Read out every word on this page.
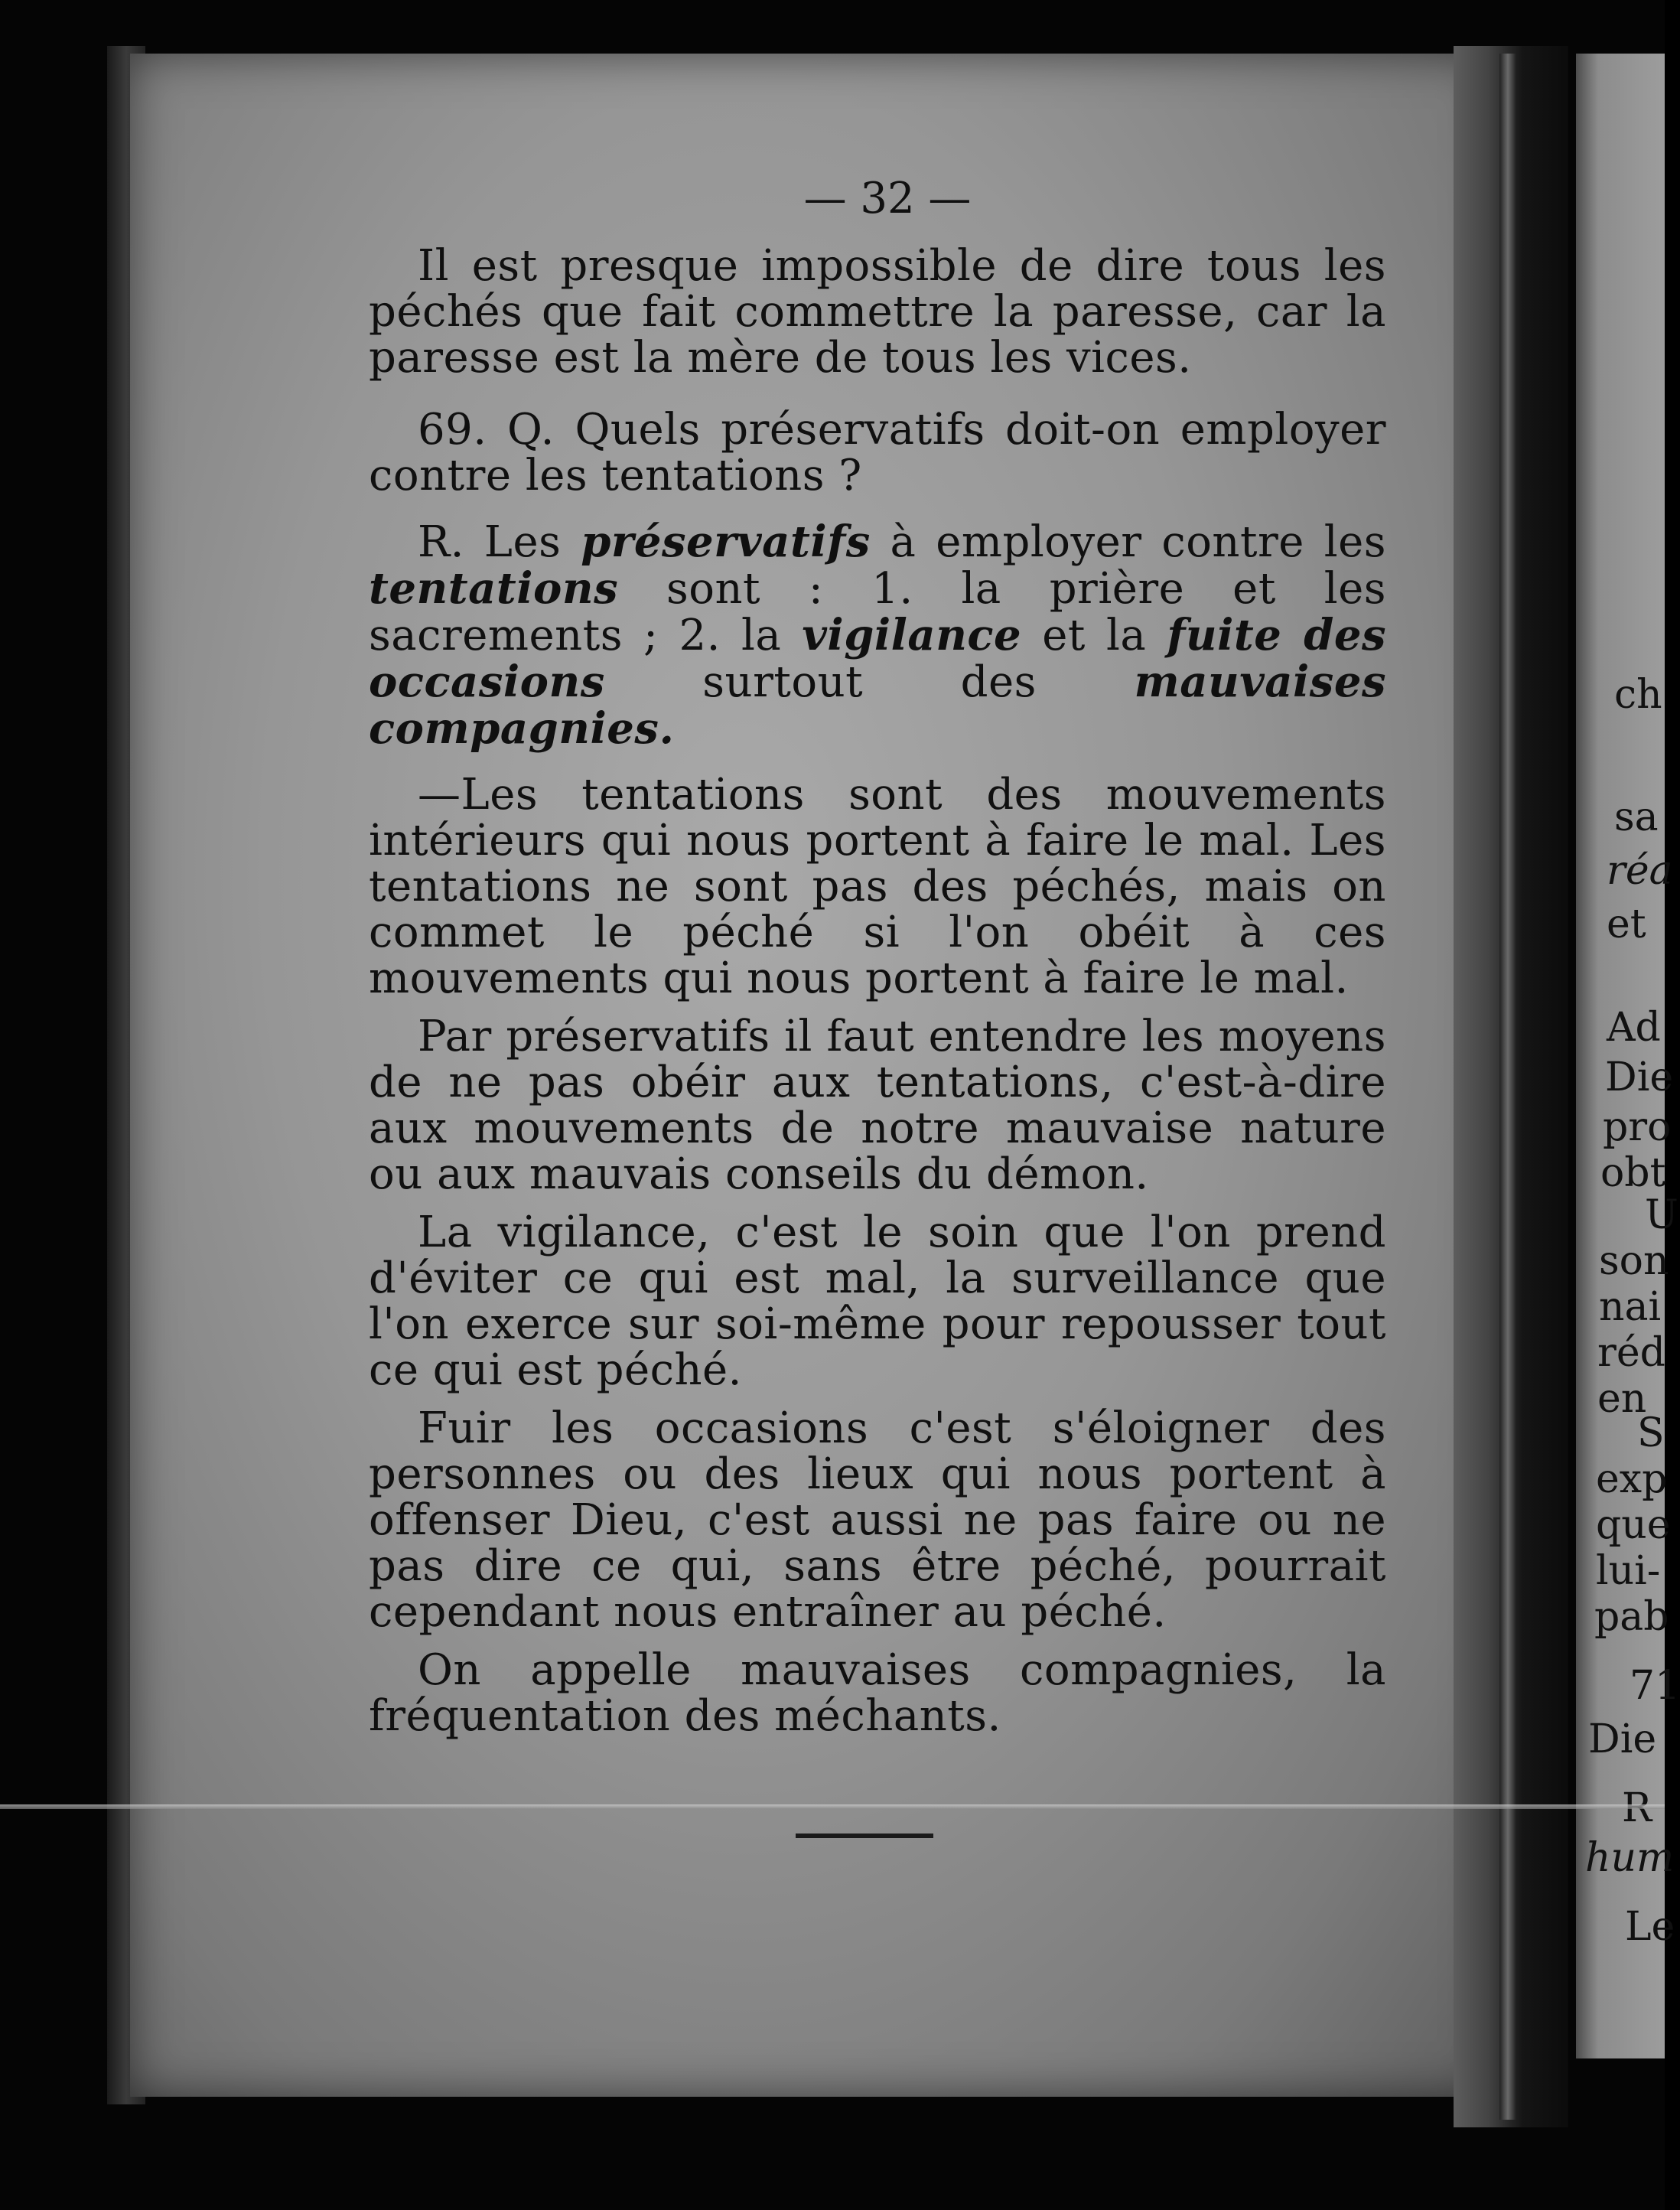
— 32 —

Il est presque impossible de dire tous les péchés que fait commettre la paresse, car la paresse est la mère de tous les vices.

69. Q. Quels préservatifs doit-on employer contre les tentations ?

R. Les préservatifs à employer contre les tentations sont : 1. la prière et les sacrements ; 2. la vigilance et la fuite des occasions surtout des mauvaises compagnies.

—Les tentations sont des mouvements intérieurs qui nous portent à faire le mal. Les tentations ne sont pas des péchés, mais on commet le péché si l'on obéit à ces mouvements qui nous portent à faire le mal.

Par préservatifs il faut entendre les moyens de ne pas obéir aux tentations, c'est-à-dire aux mouvements de notre mauvaise nature ou aux mauvais conseils du démon.

La vigilance, c'est le soin que l'on prend d'éviter ce qui est mal, la surveillance que l'on exerce sur soi-même pour repousser tout ce qui est péché.

Fuir les occasions c'est s'éloigner des personnes ou des lieux qui nous portent à offenser Dieu, c'est aussi ne pas faire ou ne pas dire ce qui, sans être péché, pourrait cependant nous entraîner au péché.

On appelle mauvaises compagnies, la fréquentation des méchants.

ch
sa
réa
et
Ad
Die
pro
obt
U
son
nai
réd
en
S
exp
que
lui-
pab
71
Die
hum
Le
